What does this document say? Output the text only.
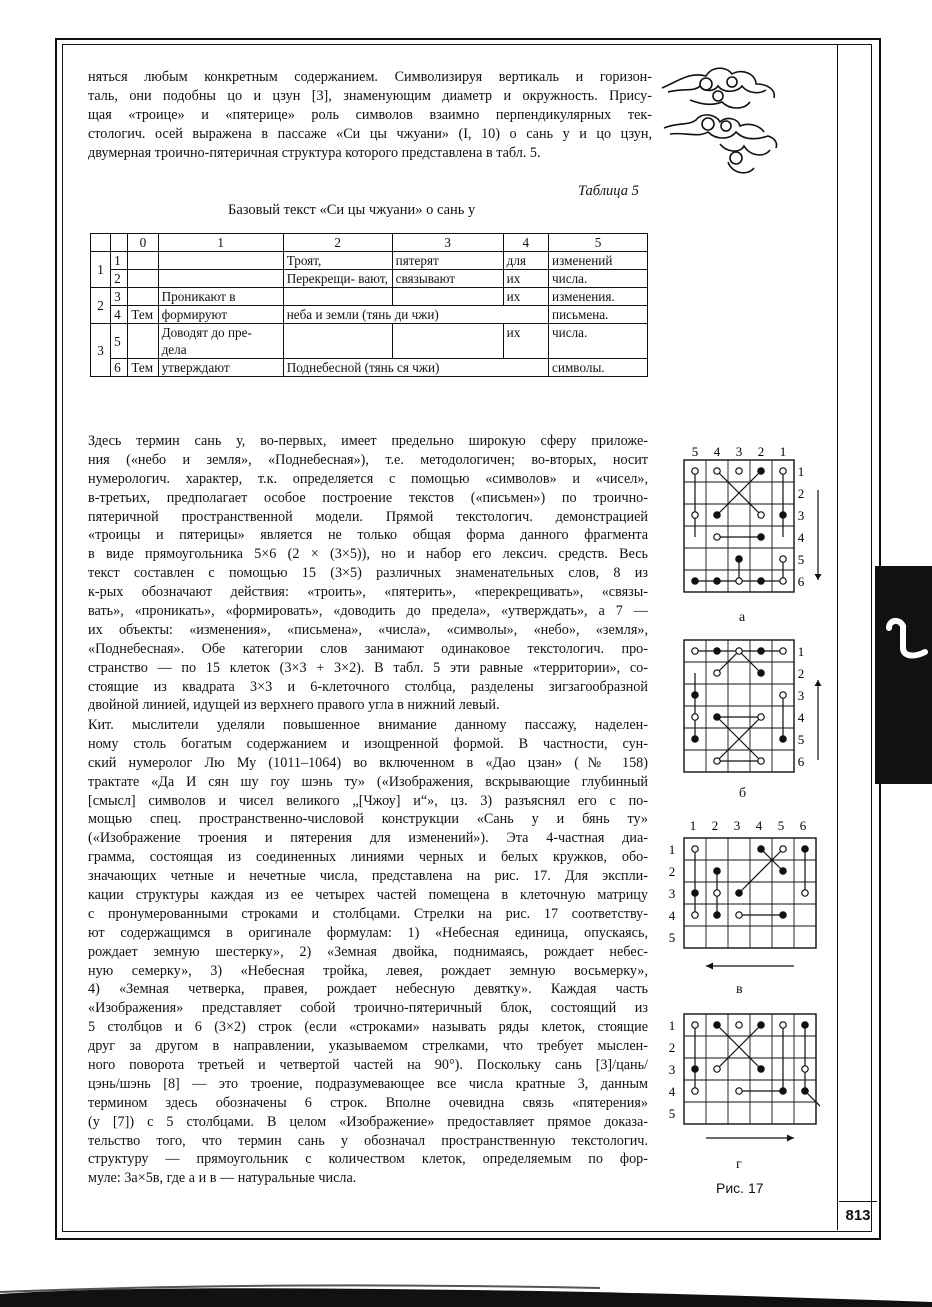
няться любым конкретным содержанием. Символизируя вертикаль и горизон-
таль, они подобны цо и цзун [3], знаменующим диаметр и окружность. Прису-
щая «троице» и «пятерице» роль символов взаимно перпендикулярных тек-
стологич. осей выражена в пассаже «Си цы чжуани» (I, 10) о сань у и цо цзун,
двумерная троично-пятеричная структура которого представлена в табл. 5.
Таблица 5
Базовый текст «Си цы чжуани» о сань у
		0	1	2	3	4	5
1	1			Троят,	пятерят	для	изменений
	2			Перекрещи- вают,	связывают	их	числа.
2	3		Проникают в			их	изменения.
	4	Тем	формируют	неба и земли (тянь ди чжи)			письмена.
3	5		Доводят до пре- дела			их	числа.
	6	Тем	утверждают	Поднебесной (тянь ся чжи)			символы.
Здесь термин сань у, во-первых, имеет предельно широкую сферу приложе-
ния («небо и земля», «Поднебесная»), т.е. методологичен; во-вторых, носит
нумерологич. характер, т.к. определяется с помощью «символов» и «чисел»,
в-третьих, предполагает особое построение текстов («письмен») по троично-
пятеричной пространственной модели. Прямой текстологич. демонстрацией
«троицы и пятерицы» является не только общая форма данного фрагмента
в виде прямоугольника 5×6 (2 × (3×5)), но и набор его лексич. средств. Весь
текст составлен с помощью 15 (3×5) различных знаменательных слов, 8 из
к-рых обозначают действия: «троить», «пятерить», «перекрещивать», «связы-
вать», «проникать», «формировать», «доводить до предела», «утверждать», а 7 —
их объекты: «изменения», «письмена», «числа», «символы», «небо», «земля»,
«Поднебесная». Обе категории слов занимают одинаковое текстологич. про-
странство — по 15 клеток (3×3 + 3×2). В табл. 5 эти равные «территории», со-
стоящие из квадрата 3×3 и 6-клеточного столбца, разделены зигзагообразной
двойной линией, идущей из верхнего правого угла в нижний левый.
Кит. мыслители уделяли повышенное внимание данному пассажу, наделен-
ному столь богатым содержанием и изощренной формой. В частности, сун-
ский нумеролог Лю Му (1011–1064) во включенном в «Дао цзан» (№ 158)
трактате «Да И сян шу гоу шэнь ту» («Изображения, вскрывающие глубинный
[смысл] символов и чисел великого „[Чжоу] и“», цз. 3) разъяснял его с по-
мощью спец. пространственно-числовой конструкции «Сань у и бянь ту»
(«Изображение троения и пятерения для изменений»). Эта 4-частная диа-
грамма, состоящая из соединенных линиями черных и белых кружков, обо-
значающих четные и нечетные числа, представлена на рис. 17. Для экспли-
кации структуры каждая из ее четырех частей помещена в клеточную матрицу
с пронумерованными строками и столбцами. Стрелки на рис. 17 соответству-
ют содержащимся в оригинале формулам: 1) «Небесная единица, опускаясь,
рождает земную шестерку», 2) «Земная двойка, поднимаясь, рождает небес-
ную семерку», 3) «Небесная тройка, левея, рождает земную восьмерку»,
4) «Земная четверка, правея, рождает небесную девятку». Каждая часть
«Изображения» представляет собой троично-пятеричный блок, состоящий из
5 столбцов и 6 (3×2) строк (если «строками» называть ряды клеток, стоящие
друг за другом в направлении, указываемом стрелками, что требует мыслен-
ного поворота третьей и четвертой частей на 90°). Поскольку сань [3]/цань/
цэнь/шэнь [8] — это троение, подразумевающее все числа кратные 3, данным
термином здесь обозначены 6 строк. Вполне очевидна связь «пятерения»
(у [7]) с 5 столбцами. В целом «Изображение» предоставляет прямое доказа-
тельство того, что термин сань у обозначал пространственную текстологич.
структуру — прямоугольник с количеством клеток, определяемым по фор-
муле: 3а×5в, где а и в — натуральные числа.
5 4 3 2 1
1
2
3
4
5
6
1
2
3
4
5
6
1 2 3 4 5 6
1
2
3
4
5
1
2
3
4
5
а
б
в
г
Рис. 17
813
